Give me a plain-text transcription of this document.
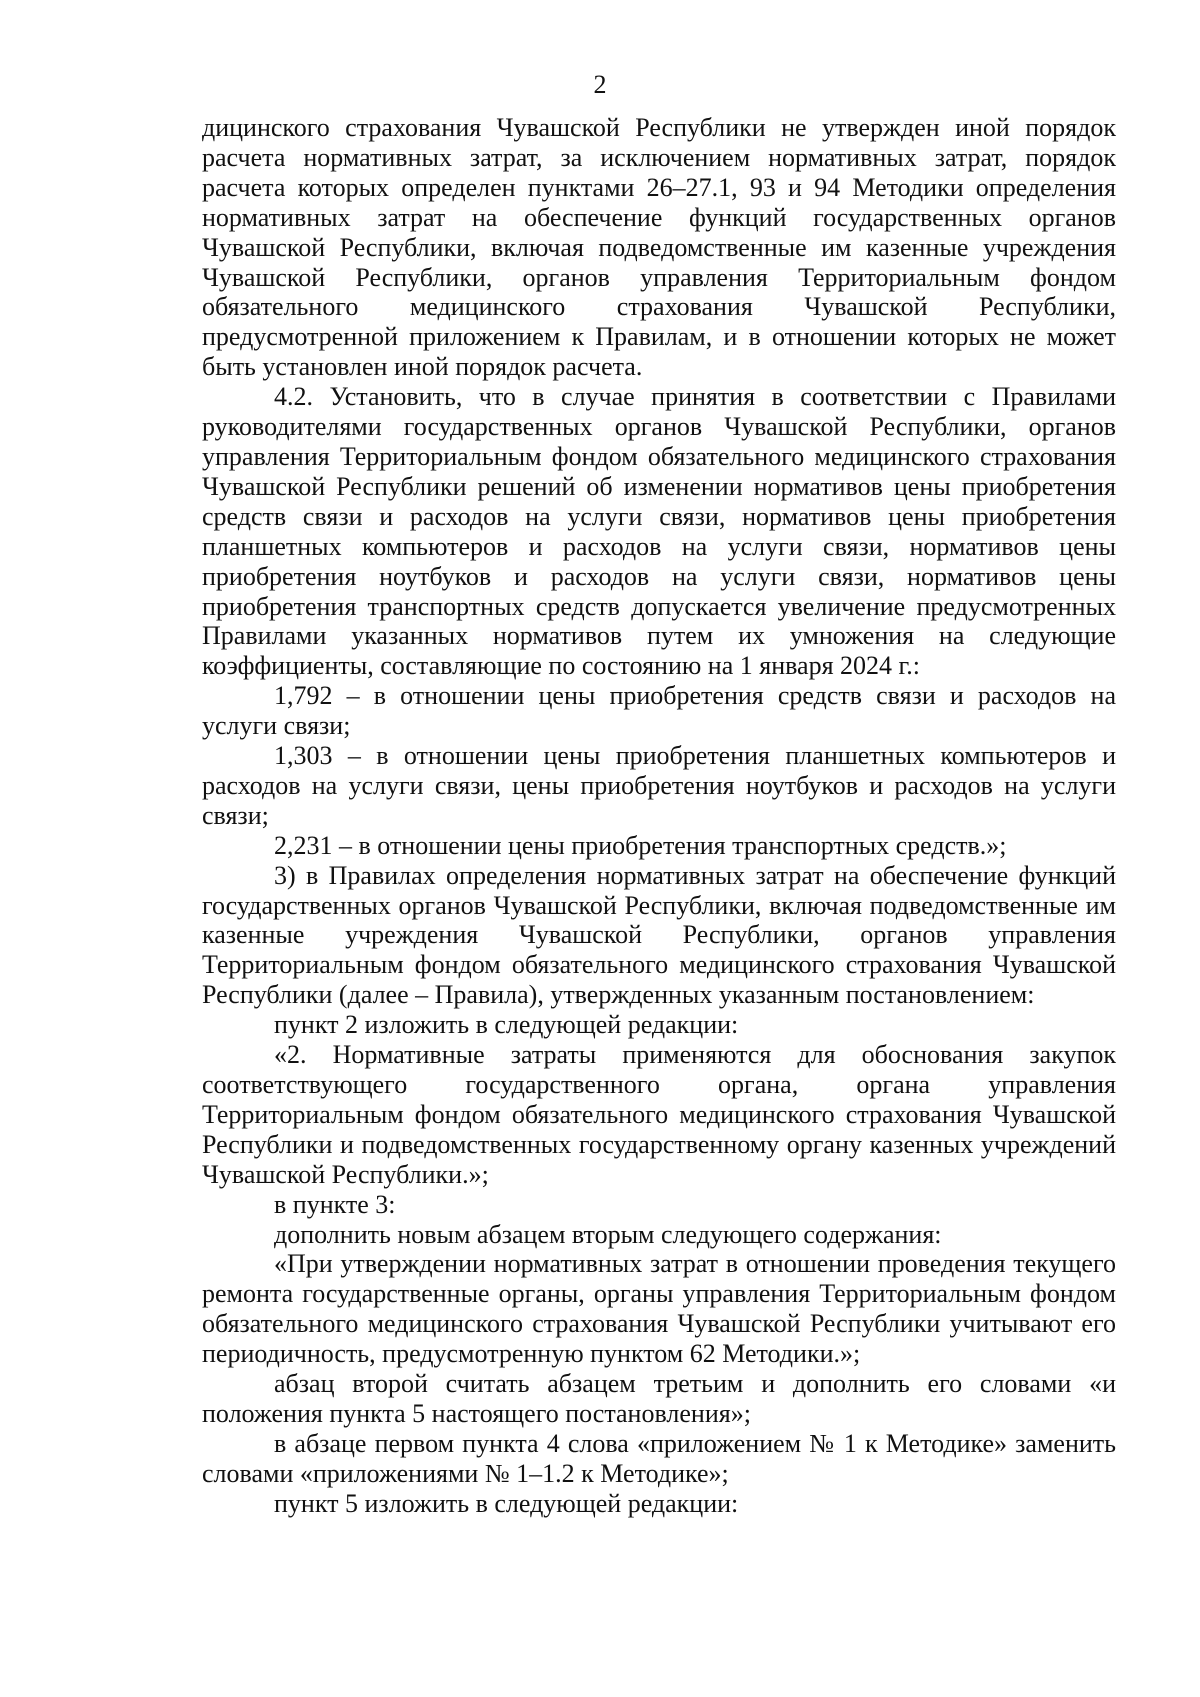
2

дицинского страхования Чувашской Республики не утвержден иной порядок расчета нормативных затрат, за исключением нормативных затрат, порядок расчета которых определен пунктами 26–27.1, 93 и 94 Методики определения нормативных затрат на обеспечение функций государственных органов Чувашской Республики, включая подведомственные им казенные учреждения Чувашской Республики, органов управления Территориальным фондом обязательного медицинского страхования Чувашской Республики, предусмотренной приложением к Правилам, и в отношении которых не может быть установлен иной порядок расчета.

4.2. Установить, что в случае принятия в соответствии с Правилами руководителями государственных органов Чувашской Республики, органов управления Территориальным фондом обязательного медицинского страхования Чувашской Республики решений об изменении нормативов цены приобретения средств связи и расходов на услуги связи, нормативов цены приобретения планшетных компьютеров и расходов на услуги связи, нормативов цены приобретения ноутбуков и расходов на услуги связи, нормативов цены приобретения транспортных средств допускается увеличение предусмотренных Правилами указанных нормативов путем их умножения на следующие коэффициенты, составляющие по состоянию на 1 января 2024 г.:

1,792 – в отношении цены приобретения средств связи и расходов на услуги связи;

1,303 – в отношении цены приобретения планшетных компьютеров и расходов на услуги связи, цены приобретения ноутбуков и расходов на услуги связи;

2,231 – в отношении цены приобретения транспортных средств.»;

3) в Правилах определения нормативных затрат на обеспечение функций государственных органов Чувашской Республики, включая подведомственные им казенные учреждения Чувашской Республики, органов управления Территориальным фондом обязательного медицинского страхования Чувашской Республики (далее – Правила), утвержденных указанным постановлением:

пункт 2 изложить в следующей редакции:

«2. Нормативные затраты применяются для обоснования закупок соответствующего государственного органа, органа управления Территориальным фондом обязательного медицинского страхования Чувашской Республики и подведомственных государственному органу казенных учреждений Чувашской Республики.»;

в пункте 3:

дополнить новым абзацем вторым следующего содержания:

«При утверждении нормативных затрат в отношении проведения текущего ремонта государственные органы, органы управления Территориальным фондом обязательного медицинского страхования Чувашской Республики учитывают его периодичность, предусмотренную пунктом 62 Методики.»;

абзац второй считать абзацем третьим и дополнить его словами «и положения пункта 5 настоящего постановления»;

в абзаце первом пункта 4 слова «приложением № 1 к Методике» заменить словами «приложениями № 1–1.2 к Методике»;

пункт 5 изложить в следующей редакции:
